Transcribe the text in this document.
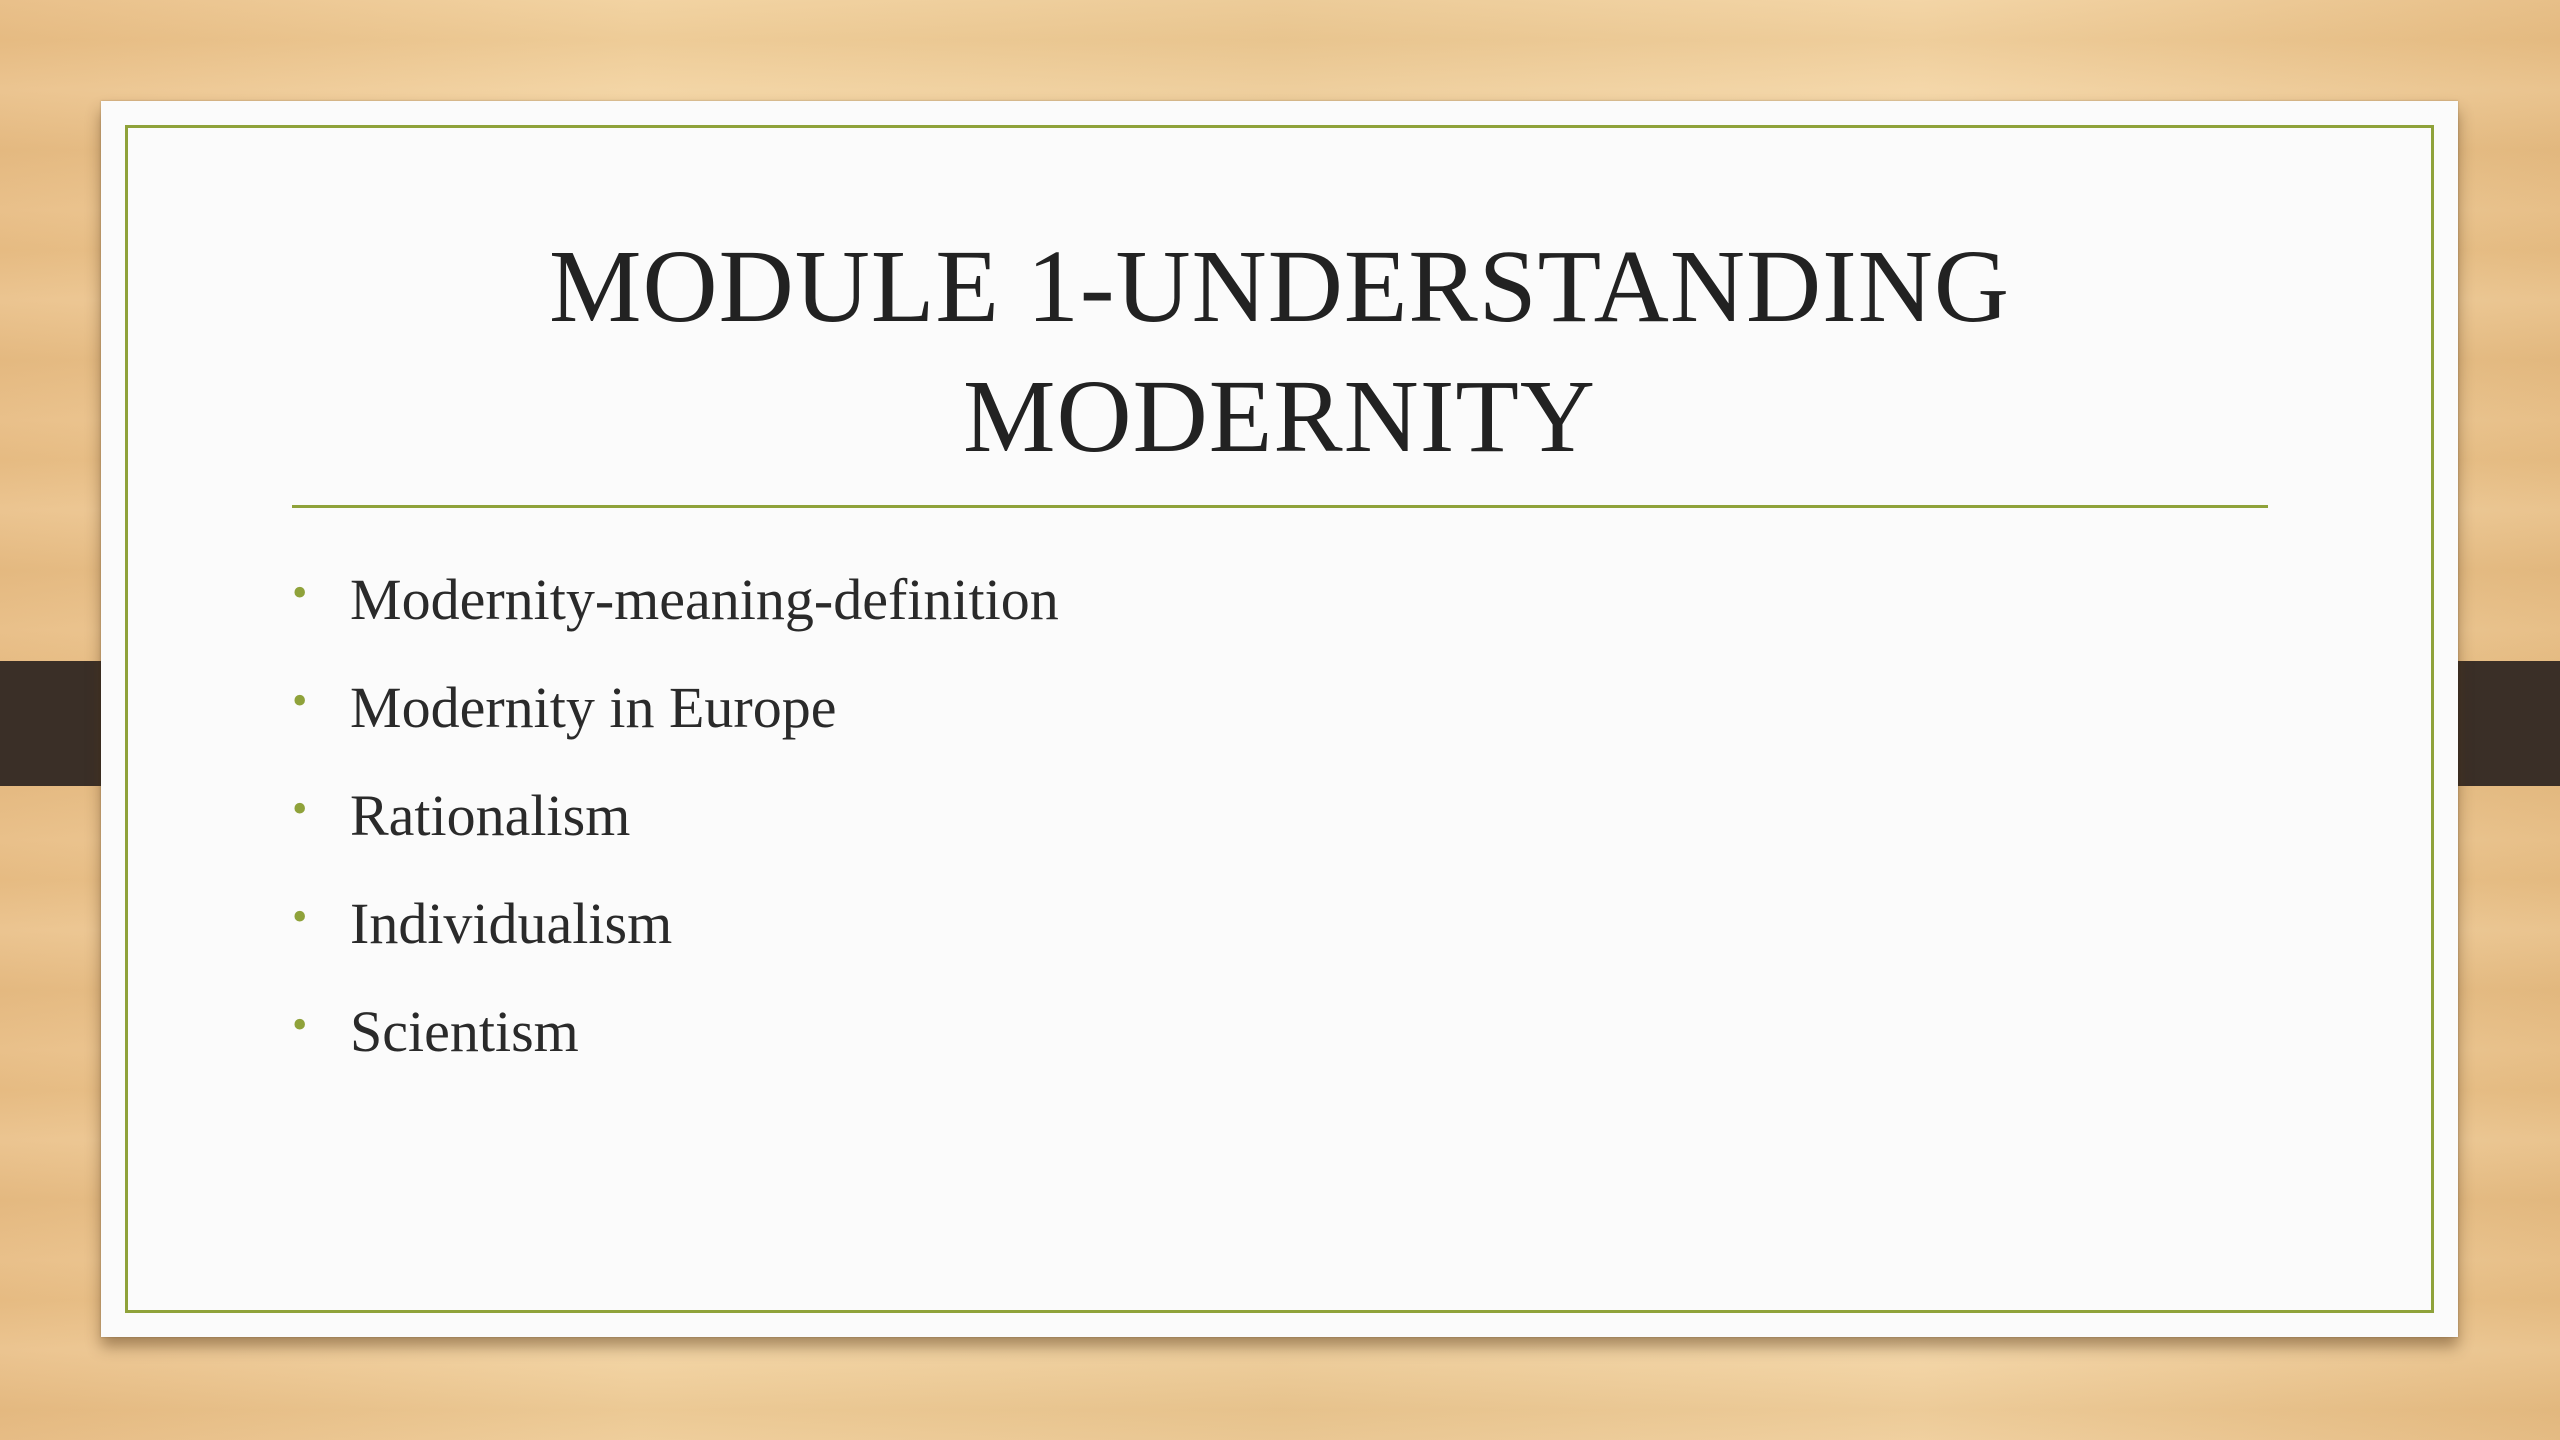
MODULE 1-UNDERSTANDING
MODERNITY
• Modernity-meaning-definition
• Modernity in Europe
• Rationalism
• Individualism
• Scientism
